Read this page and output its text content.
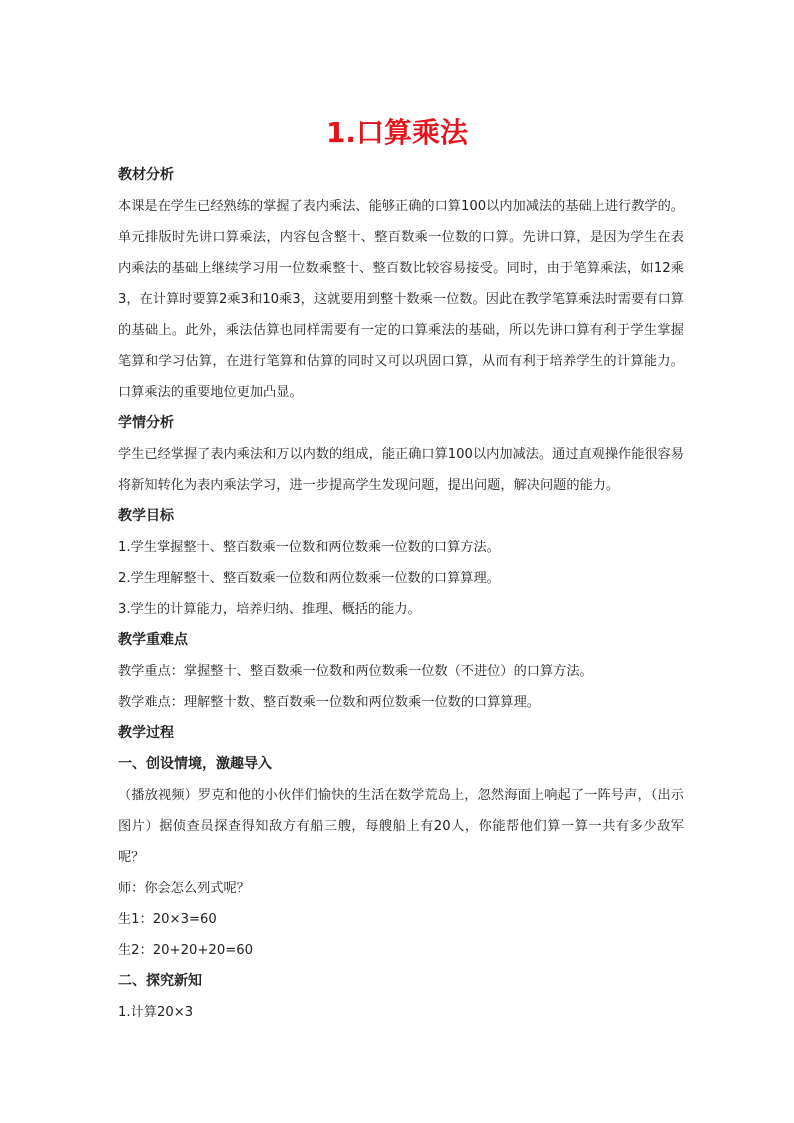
1.口算乘法

教材分析

本课是在学生已经熟练的掌握了表内乘法、能够正确的口算100以内加减法的基础上进行教学的。单元排版时先讲口算乘法，内容包含整十、整百数乘一位数的口算。先讲口算，是因为学生在表内乘法的基础上继续学习用一位数乘整十、整百数比较容易接受。同时，由于笔算乘法，如12乘3，在计算时要算2乘3和10乘3，这就要用到整十数乘一位数。因此在教学笔算乘法时需要有口算的基础上。此外，乘法估算也同样需要有一定的口算乘法的基础，所以先讲口算有利于学生掌握笔算和学习估算，在进行笔算和估算的同时又可以巩固口算，从而有利于培养学生的计算能力。口算乘法的重要地位更加凸显。

学情分析

学生已经掌握了表内乘法和万以内数的组成，能正确口算100以内加减法。通过直观操作能很容易将新知转化为表内乘法学习，进一步提高学生发现问题，提出问题，解决问题的能力。

教学目标

1.学生掌握整十、整百数乘一位数和两位数乘一位数的口算方法。

2.学生理解整十、整百数乘一位数和两位数乘一位数的口算算理。

3.学生的计算能力，培养归纳、推理、概括的能力。

教学重难点

教学重点：掌握整十、整百数乘一位数和两位数乘一位数（不进位）的口算方法。

教学难点：理解整十数、整百数乘一位数和两位数乘一位数的口算算理。

教学过程

一、创设情境，激趣导入

（播放视频）罗克和他的小伙伴们愉快的生活在数学荒岛上，忽然海面上响起了一阵号声，（出示图片）据侦查员探查得知敌方有船三艘，每艘船上有20人，你能帮他们算一算一共有多少敌军呢？

师：你会怎么列式呢？

生1：20×3=60

生2：20+20+20=60

二、探究新知

1.计算20×3
